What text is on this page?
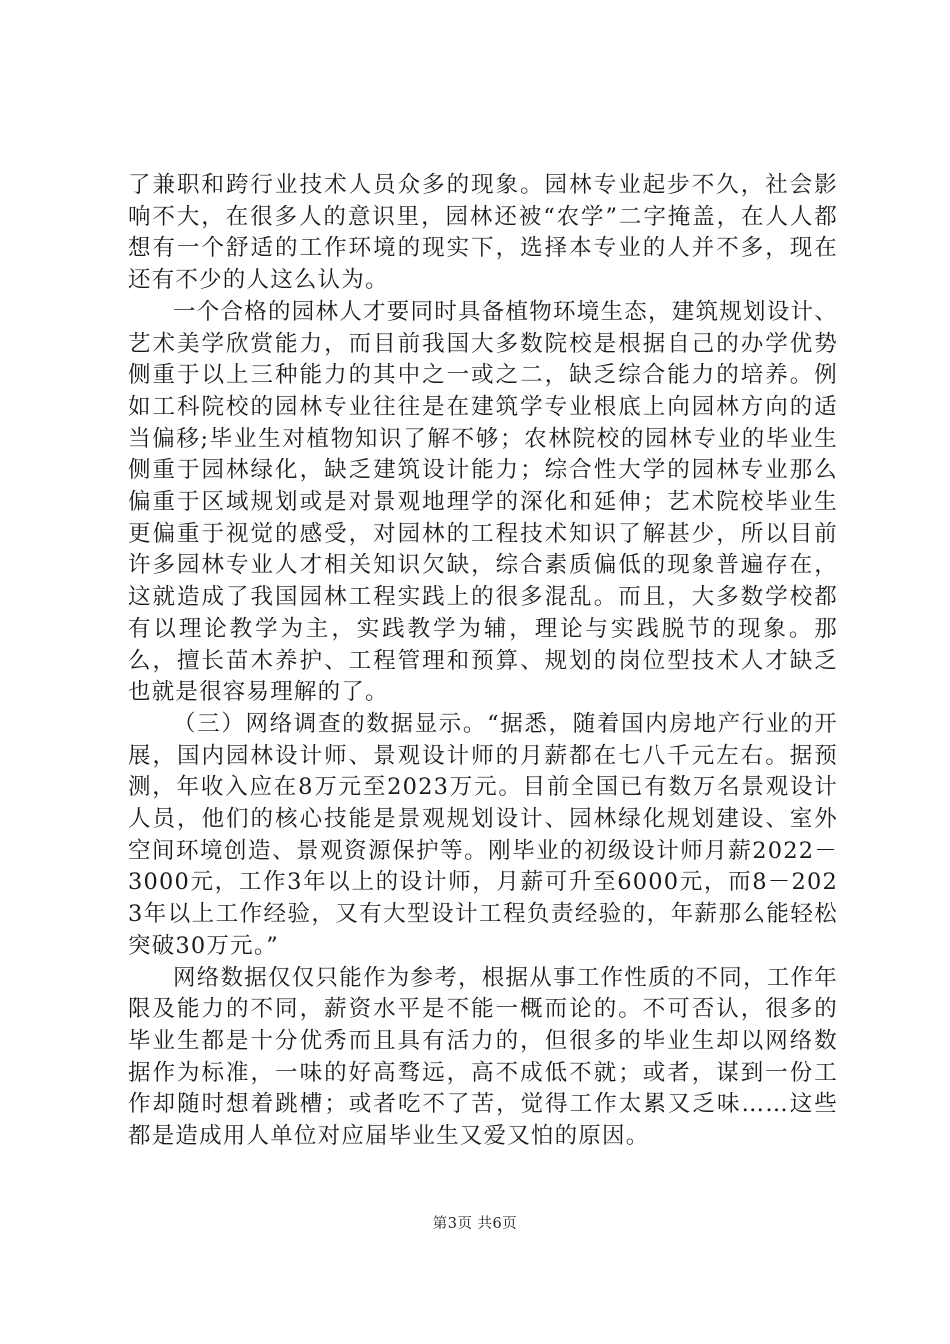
了兼职和跨行业技术人员众多的现象。园林专业起步不久，社会影响不大，在很多人的意识里，园林还被“农学”二字掩盖，在人人都想有一个舒适的工作环境的现实下，选择本专业的人并不多，现在还有不少的人这么认为。

一个合格的园林人才要同时具备植物环境生态，建筑规划设计、艺术美学欣赏能力，而目前我国大多数院校是根据自己的办学优势侧重于以上三种能力的其中之一或之二，缺乏综合能力的培养。例如工科院校的园林专业往往是在建筑学专业根底上向园林方向的适当偏移;毕业生对植物知识了解不够；农林院校的园林专业的毕业生侧重于园林绿化，缺乏建筑设计能力；综合性大学的园林专业那么偏重于区域规划或是对景观地理学的深化和延伸；艺术院校毕业生更偏重于视觉的感受，对园林的工程技术知识了解甚少，所以目前许多园林专业人才相关知识欠缺，综合素质偏低的现象普遍存在，这就造成了我国园林工程实践上的很多混乱。而且，大多数学校都有以理论教学为主，实践教学为辅，理论与实践脱节的现象。那么，擅长苗木养护、工程管理和预算、规划的岗位型技术人才缺乏也就是很容易理解的了。

（三）网络调查的数据显示。“据悉，随着国内房地产行业的开展，国内园林设计师、景观设计师的月薪都在七八千元左右。据预测，年收入应在8万元至2023万元。目前全国已有数万名景观设计人员，他们的核心技能是景观规划设计、园林绿化规划建设、室外空间环境创造、景观资源保护等。刚毕业的初级设计师月薪2022－3000元，工作3年以上的设计师，月薪可升至6000元，而8－2023年以上工作经验，又有大型设计工程负责经验的，年薪那么能轻松突破30万元。”

网络数据仅仅只能作为参考，根据从事工作性质的不同，工作年限及能力的不同，薪资水平是不能一概而论的。不可否认，很多的毕业生都是十分优秀而且具有活力的，但很多的毕业生却以网络数据作为标准，一味的好高骛远，高不成低不就；或者，谋到一份工作却随时想着跳槽；或者吃不了苦，觉得工作太累又乏味……这些都是造成用人单位对应届毕业生又爱又怕的原因。

第3页 共6页
